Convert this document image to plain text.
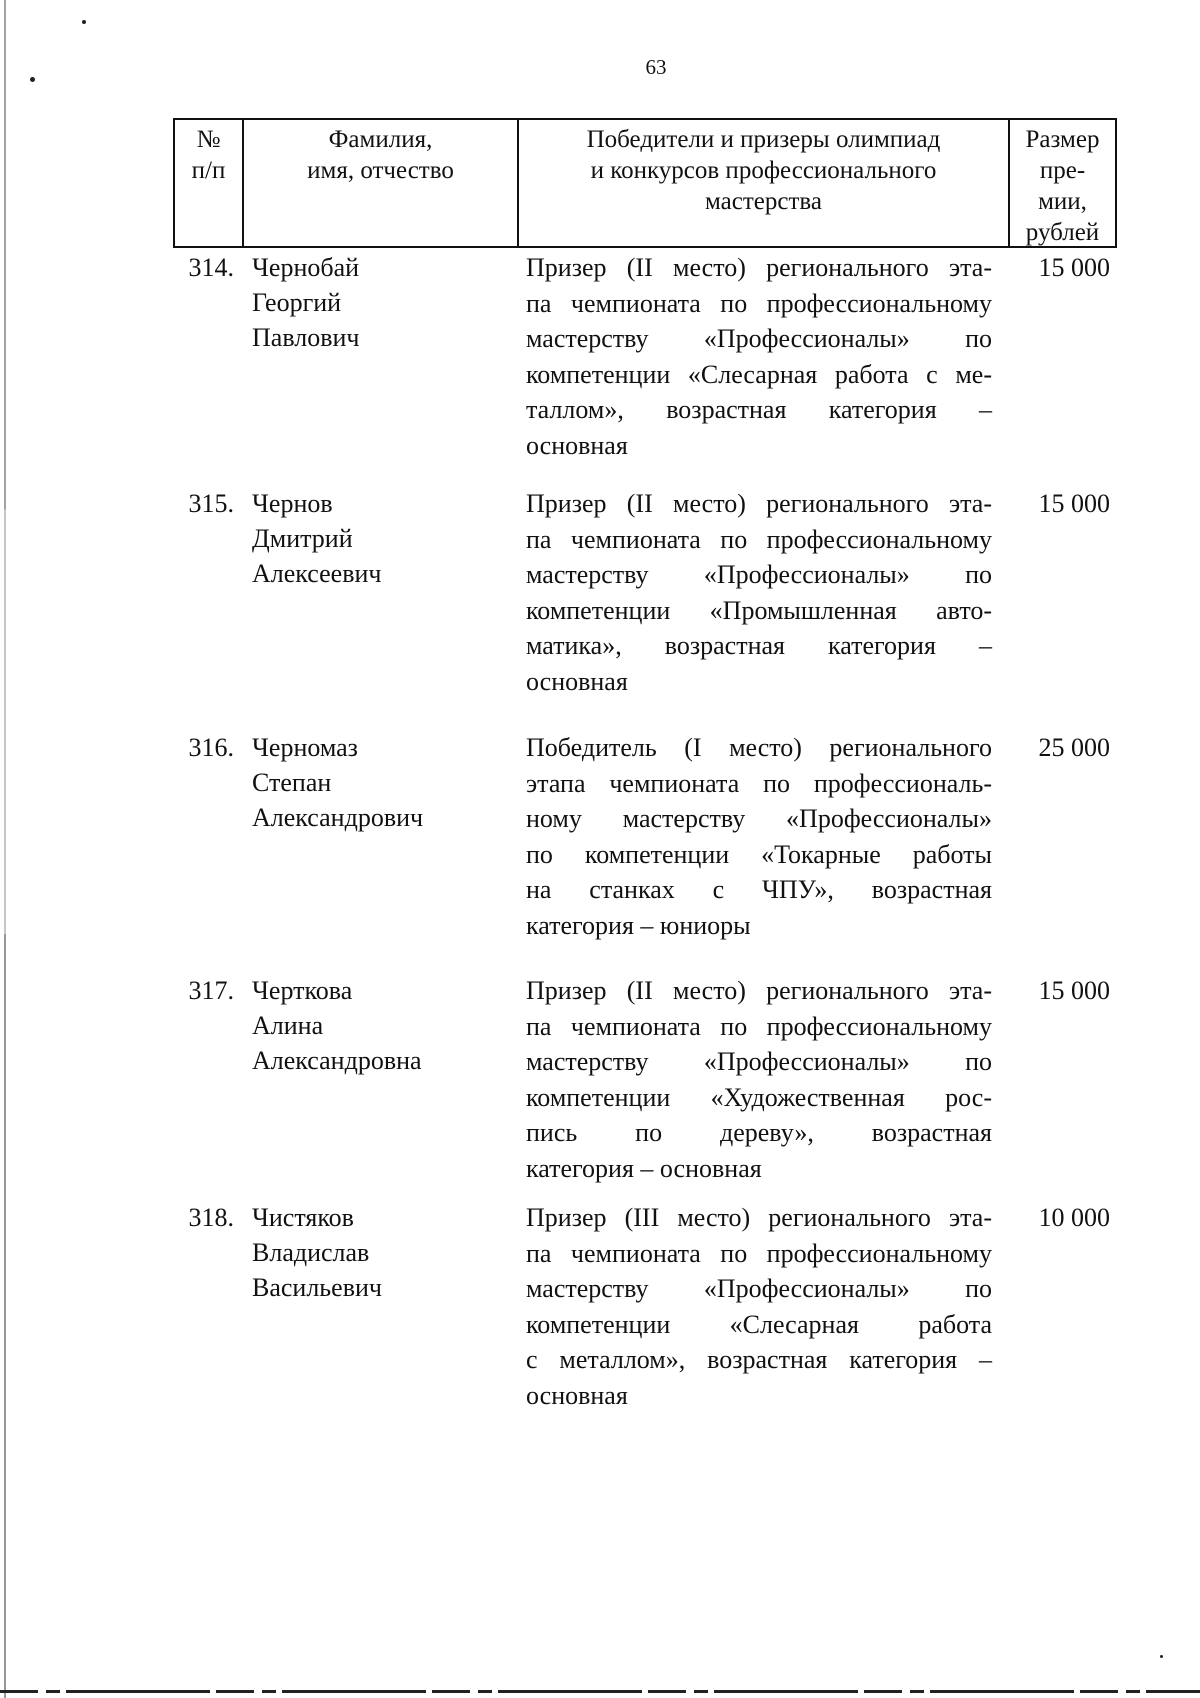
63
№
п/п
Фамилия,
имя, отчество
Победители и призеры олимпиад
и конкурсов профессионального
мастерства
Размер
пре-
мии,
рублей
314. Чернобай
Георгий
Павлович
Призер (II место) регионального эта-
па чемпионата по профессиональному
мастерству «Профессионалы» по
компетенции «Слесарная работа с ме-
таллом», возрастная категория –
основная
15 000
315. Чернов
Дмитрий
Алексеевич
Призер (II место) регионального эта-
па чемпионата по профессиональному
мастерству «Профессионалы» по
компетенции «Промышленная авто-
матика», возрастная категория –
основная
15 000
316. Черномаз
Степан
Александрович
Победитель (I место) регионального
этапа чемпионата по профессиональ-
ному мастерству «Профессионалы»
по компетенции «Токарные работы
на станках с ЧПУ», возрастная
категория – юниоры
25 000
317. Черткова
Алина
Александровна
Призер (II место) регионального эта-
па чемпионата по профессиональному
мастерству «Профессионалы» по
компетенции «Художественная рос-
пись по дереву», возрастная
категория – основная
15 000
318. Чистяков
Владислав
Васильевич
Призер (III место) регионального эта-
па чемпионата по профессиональному
мастерству «Профессионалы» по
компетенции «Слесарная работа
с металлом», возрастная категория –
основная
10 000
